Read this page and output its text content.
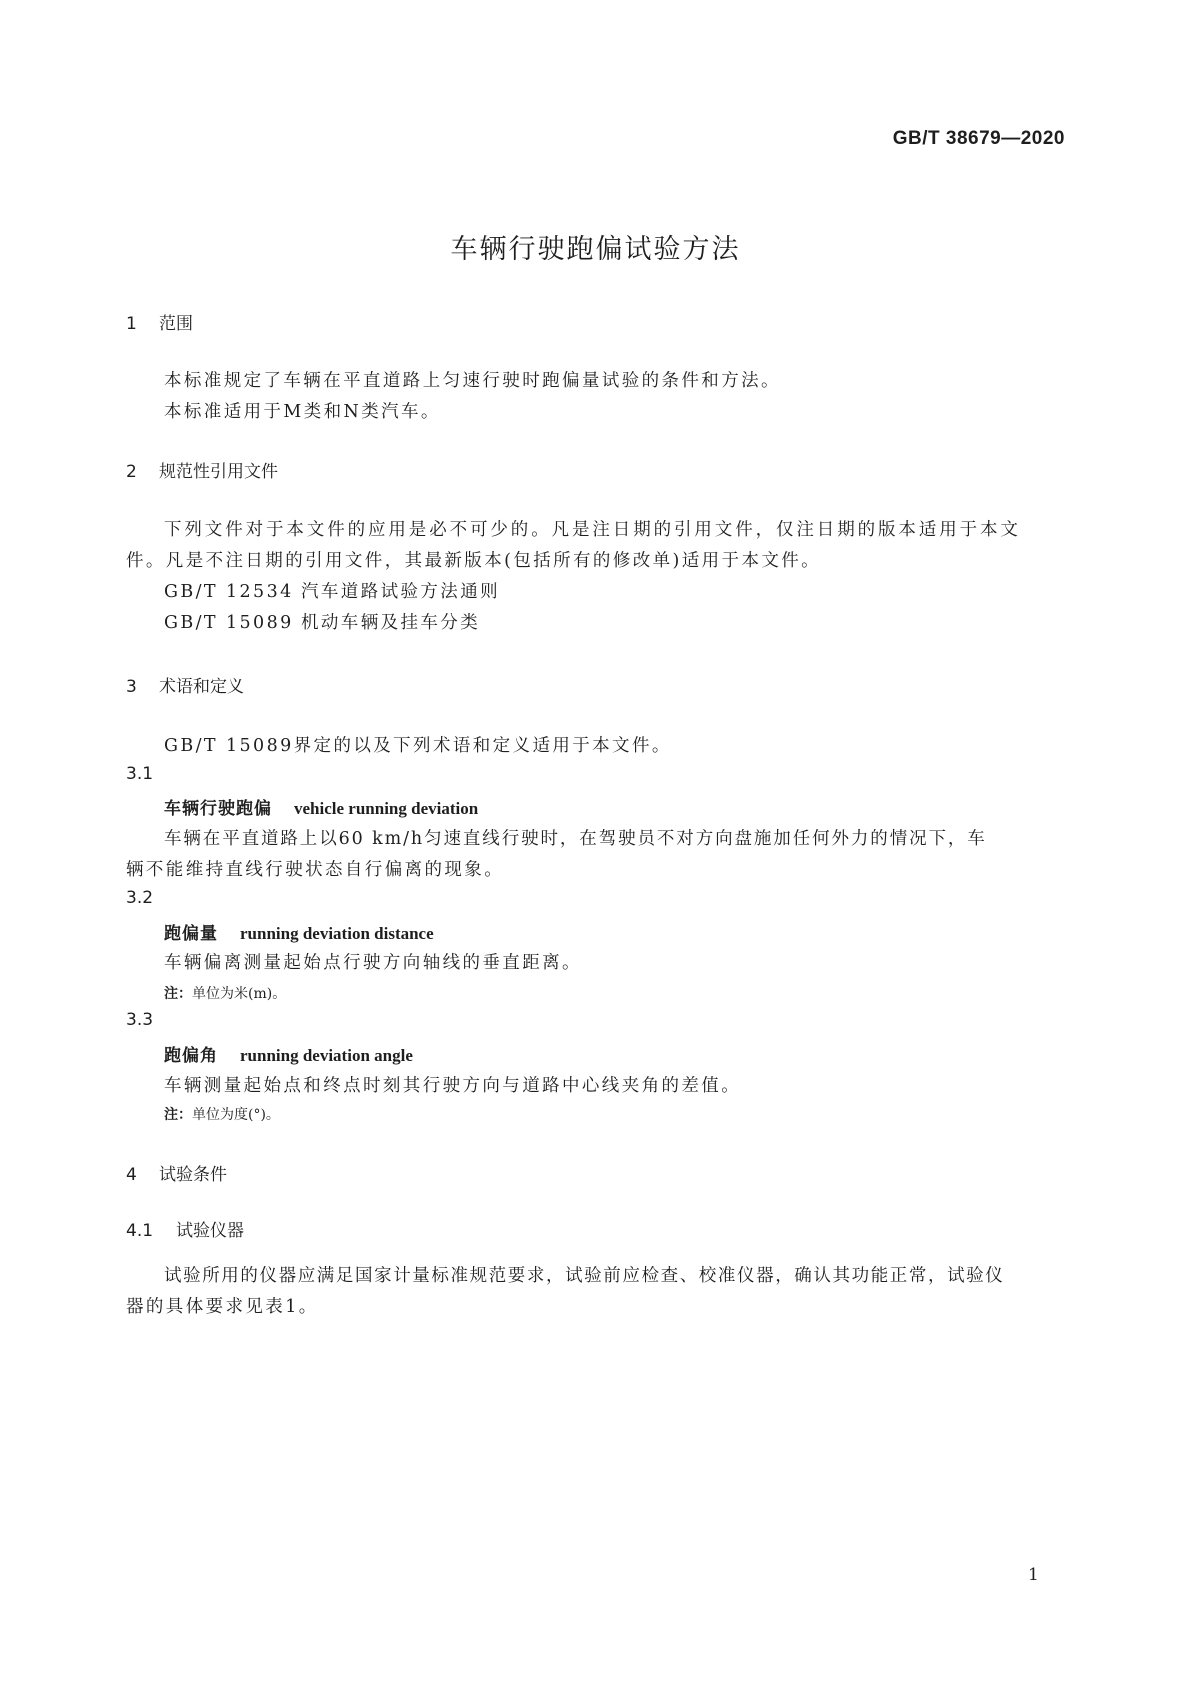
GB/T 38679—2020
车辆行驶跑偏试验方法
1 范围
本标准规定了车辆在平直道路上匀速行驶时跑偏量试验的条件和方法。
本标准适用于M类和N类汽车。
2 规范性引用文件
下列文件对于本文件的应用是必不可少的。凡是注日期的引用文件，仅注日期的版本适用于本文
件。凡是不注日期的引用文件，其最新版本(包括所有的修改单)适用于本文件。
GB/T 12534 汽车道路试验方法通则
GB/T 15089 机动车辆及挂车分类
3 术语和定义
GB/T 15089界定的以及下列术语和定义适用于本文件。
3.1
车辆行驶跑偏 vehicle running deviation
车辆在平直道路上以60 km/h匀速直线行驶时，在驾驶员不对方向盘施加任何外力的情况下，车
辆不能维持直线行驶状态自行偏离的现象。
3.2
跑偏量 running deviation distance
车辆偏离测量起始点行驶方向轴线的垂直距离。
注：单位为米(m)。
3.3
跑偏角 running deviation angle
车辆测量起始点和终点时刻其行驶方向与道路中心线夹角的差值。
注：单位为度(°)。
4 试验条件
4.1 试验仪器
试验所用的仪器应满足国家计量标准规范要求，试验前应检查、校准仪器，确认其功能正常，试验仪
器的具体要求见表1。
1
